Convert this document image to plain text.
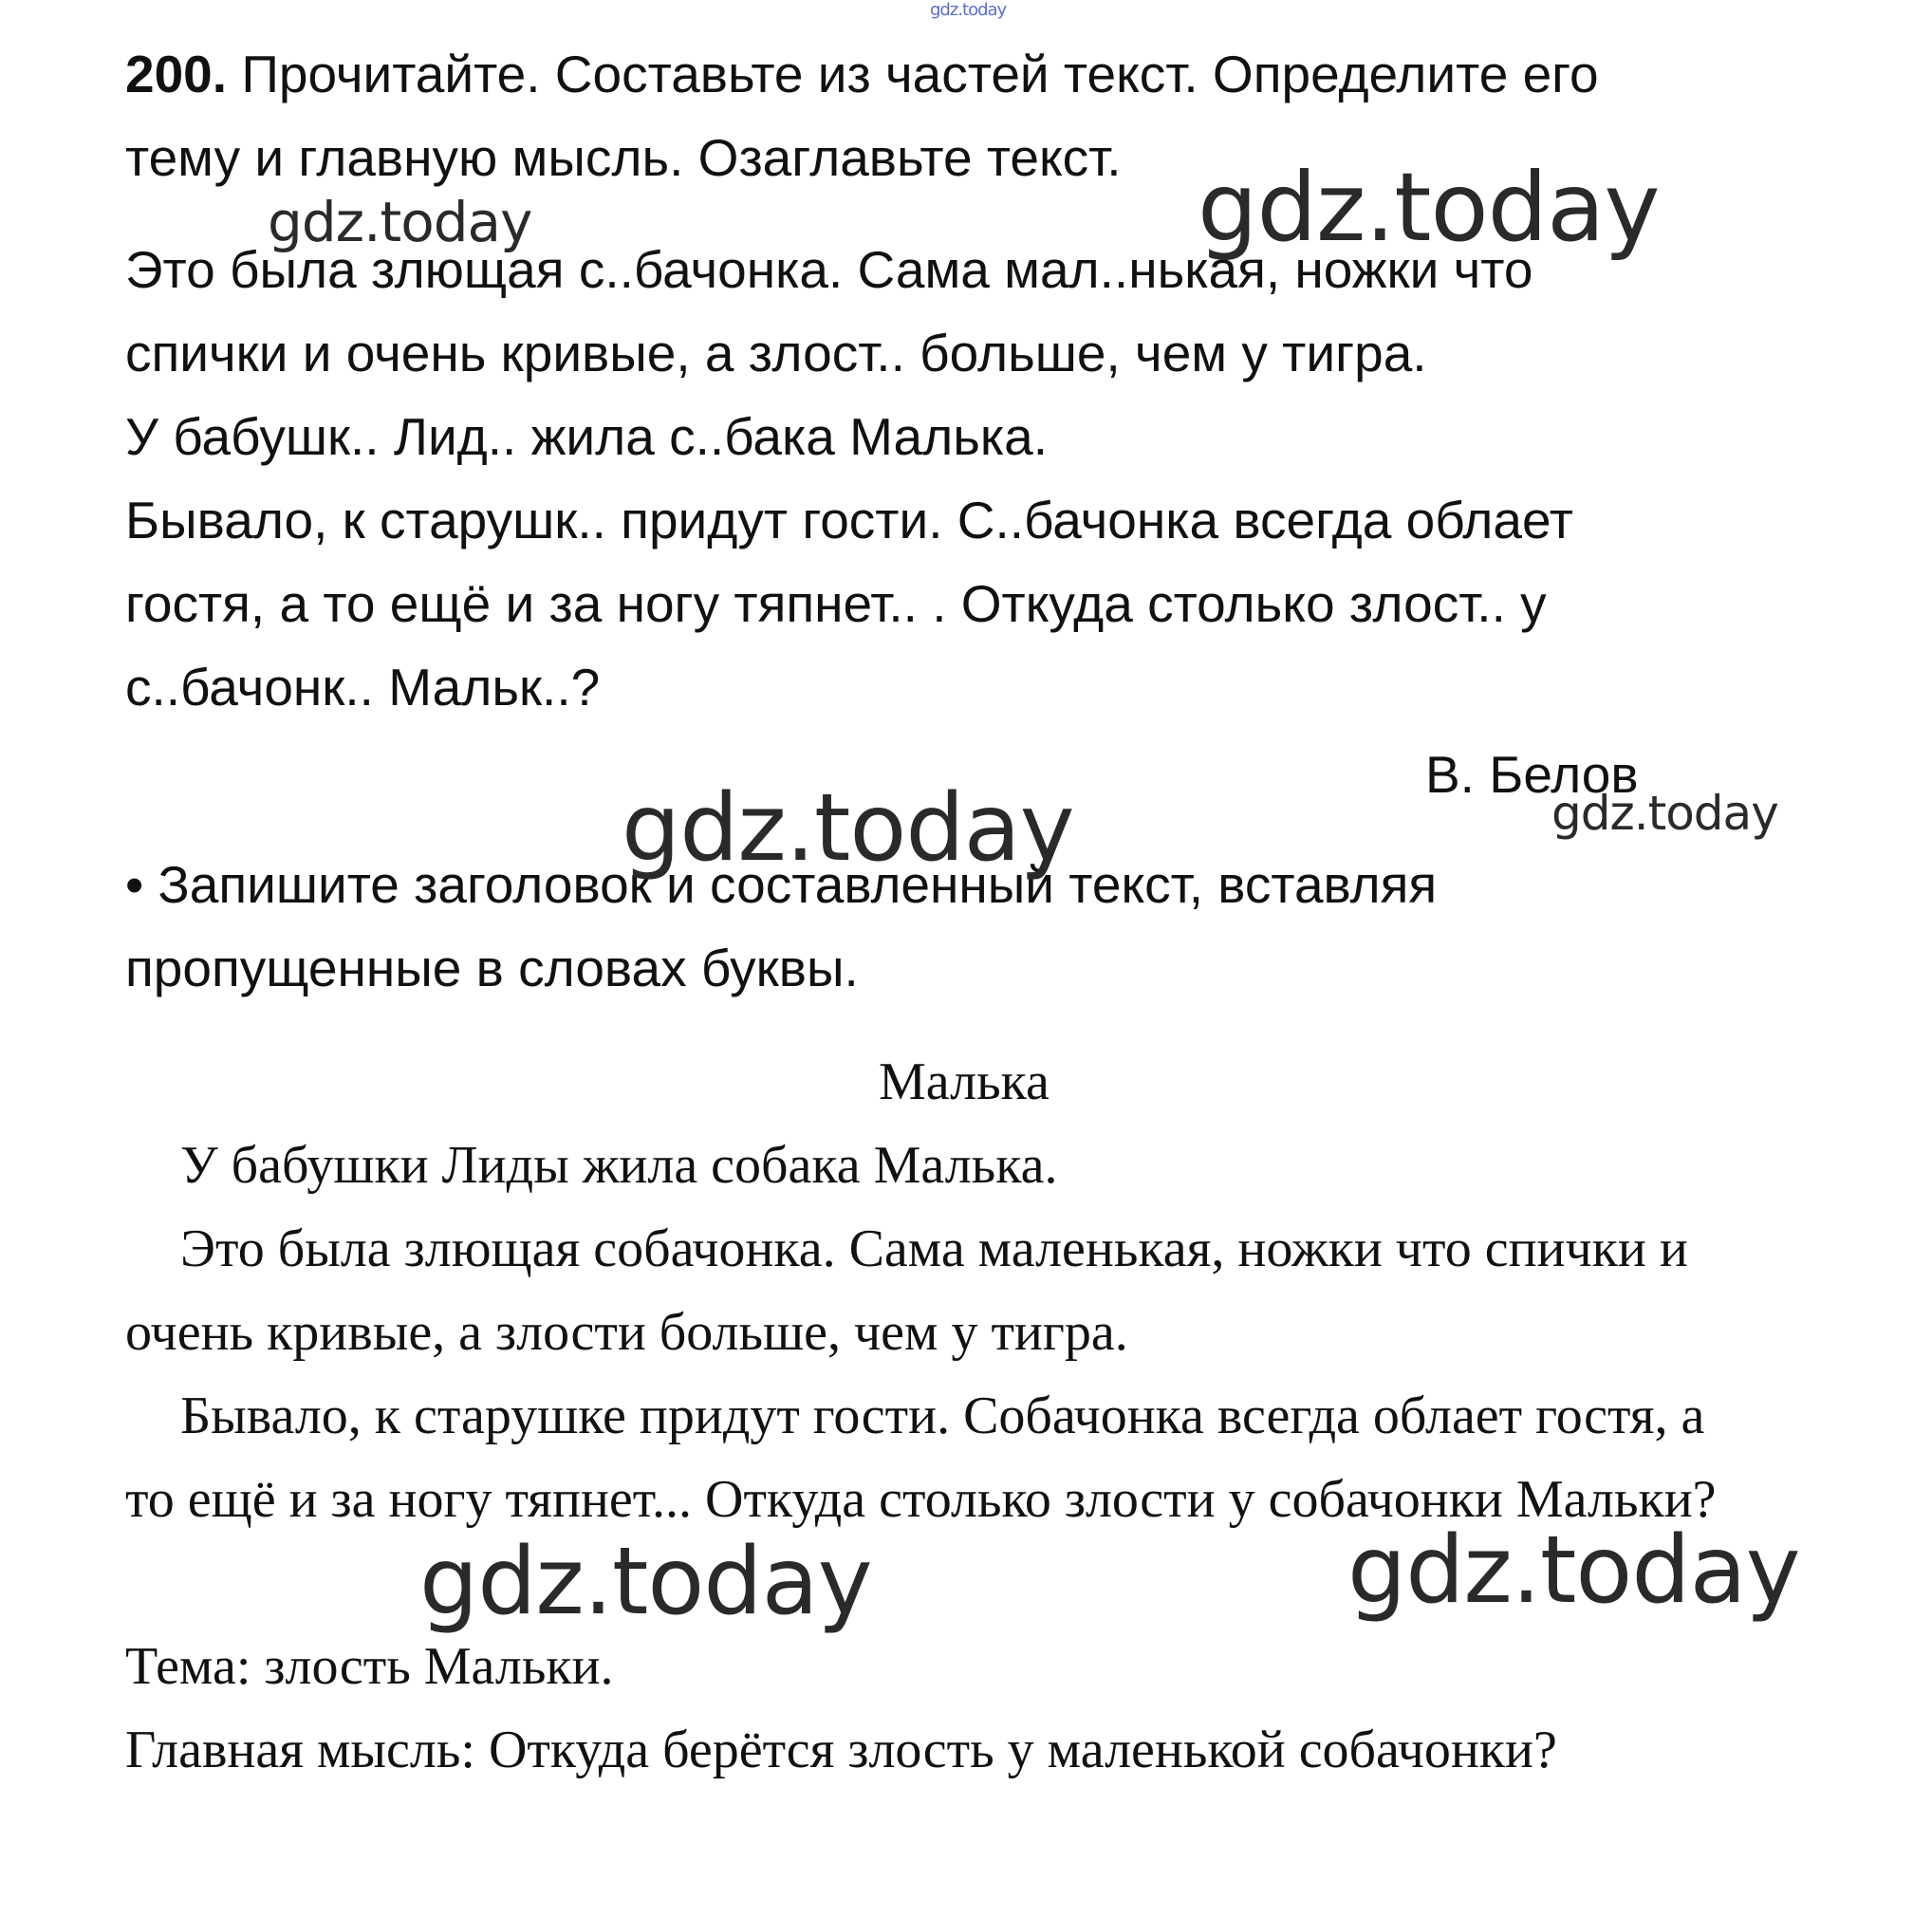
200. Прочитайте. Составьте из частей текст. Определите его
тему и главную мысль. Озаглавьте текст.
Это была злющая с..бачонка. Сама мал..нькая, ножки что
спички и очень кривые, а злост.. больше, чем у тигра.
У бабушк.. Лид.. жила с..бака Малька.
Бывало, к старушк.. придут гости. С..бачонка всегда облает
гостя, а то ещё и за ногу тяпнет.. . Откуда столько злост.. у
с..бачонк.. Мальк..?
В. Белов
• Запишите заголовок и составленный текст, вставляя
пропущенные в словах буквы.
Малька
У бабушки Лиды жила собака Малька.
Это была злющая собачонка. Сама маленькая, ножки что спички и
очень кривые, а злости больше, чем у тигра.
Бывало, к старушке придут гости. Собачонка всегда облает гостя, а
то ещё и за ногу тяпнет... Откуда столько злости у собачонки Мальки?
Тема: злость Мальки.
Главная мысль: Откуда берётся злость у маленькой собачонки?
gdz.today
gdz.today	gdz.today
gdz.today	gdz.today
gdz.today	gdz.today
